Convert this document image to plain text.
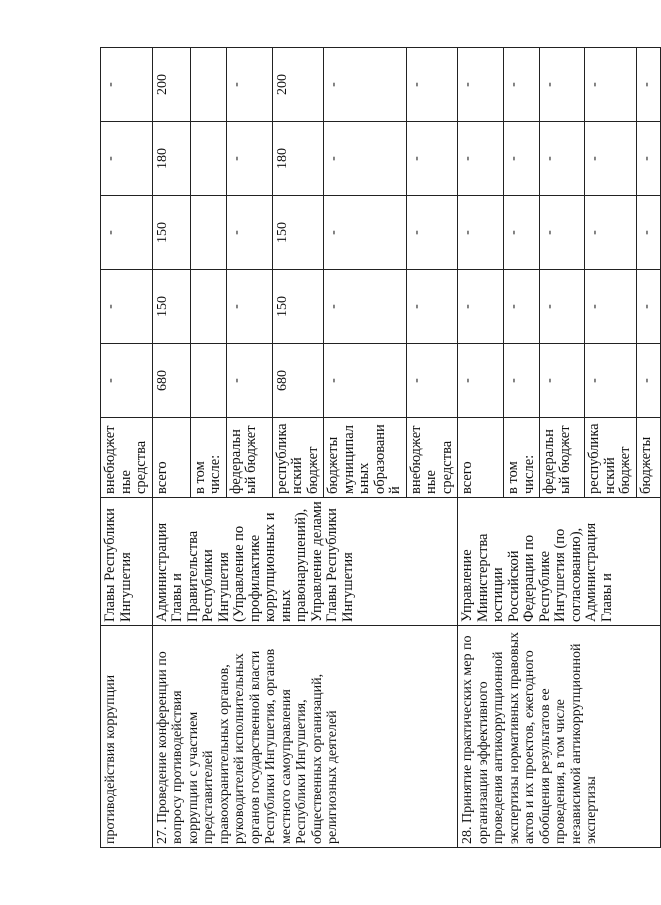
противодействия коррупции	Главы Республики Ингушетия	внебюджетные средства	-	-	-	-	-
27. Проведение конференции по вопросу противодействия коррупции с участием представителей правоохранительных органов, руководителей исполнительных органов государственной власти Республики Ингушетия, органов местного самоуправления Республики Ингушетия, общественных организаций, религиозных деятелей	Администрация Главы и Правительства Республики Ингушетия (Управление по профилактике коррупционных и иных правонарушений), Управление делами Главы Республики Ингушетия	всего	680	150	150	180	200
		в том числе:					
		федеральный бюджет	-	-	-	-	-
		республиканский бюджет	680	150	150	180	200
		бюджеты муниципальных образований	-	-	-	-	-
		внебюджетные средства	-	-	-	-	-
28. Принятие практических мер по организации эффективного проведения антикоррупционной экспертизы нормативных правовых актов и их проектов, ежегодного обобщения результатов ее проведения, в том числе независимой антикоррупционной экспертизы	Управление Министерства юстиции Российской Федерации по Республике Ингушетия (по согласованию), Администрация Главы и	всего	-	-	-	-	-
		в том числе:	-	-	-	-	-
		федеральный бюджет	-	-	-	-	-
		республиканский бюджет	-	-	-	-	-
		бюджеты	-	-	-	-	-
